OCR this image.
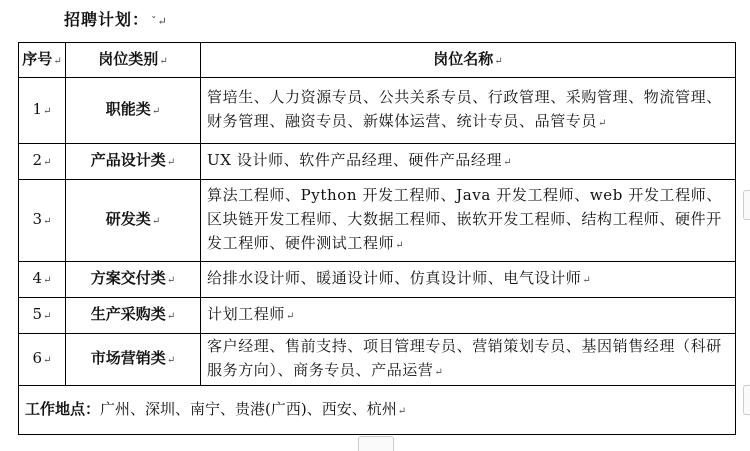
招聘计划： ˇ↵
序号↵	岗位类别↵	岗位名称↵
1↵	职能类↵	管培生、人力资源专员、公共关系专员、行政管理、采购管理、物流管理、财务管理、融资专员、新媒体运营、统计专员、品管专员↵
2↵	产品设计类↵	UX 设计师、软件产品经理、硬件产品经理↵
3↵	研发类↵	算法工程师、Python 开发工程师、Java 开发工程师、web 开发工程师、区块链开发工程师、大数据工程师、嵌软开发工程师、结构工程师、硬件开发工程师、硬件测试工程师↵
4↵	方案交付类↵	给排水设计师、暖通设计师、仿真设计师、电气设计师↵
5↵	生产采购类↵	计划工程师↵
6↵	市场营销类↵	客户经理、售前支持、项目管理专员、营销策划专员、基因销售经理（科研服务方向）、商务专员、产品运营↵
工作地点：广州、深圳、南宁、贵港(广西)、西安、杭州↵		
